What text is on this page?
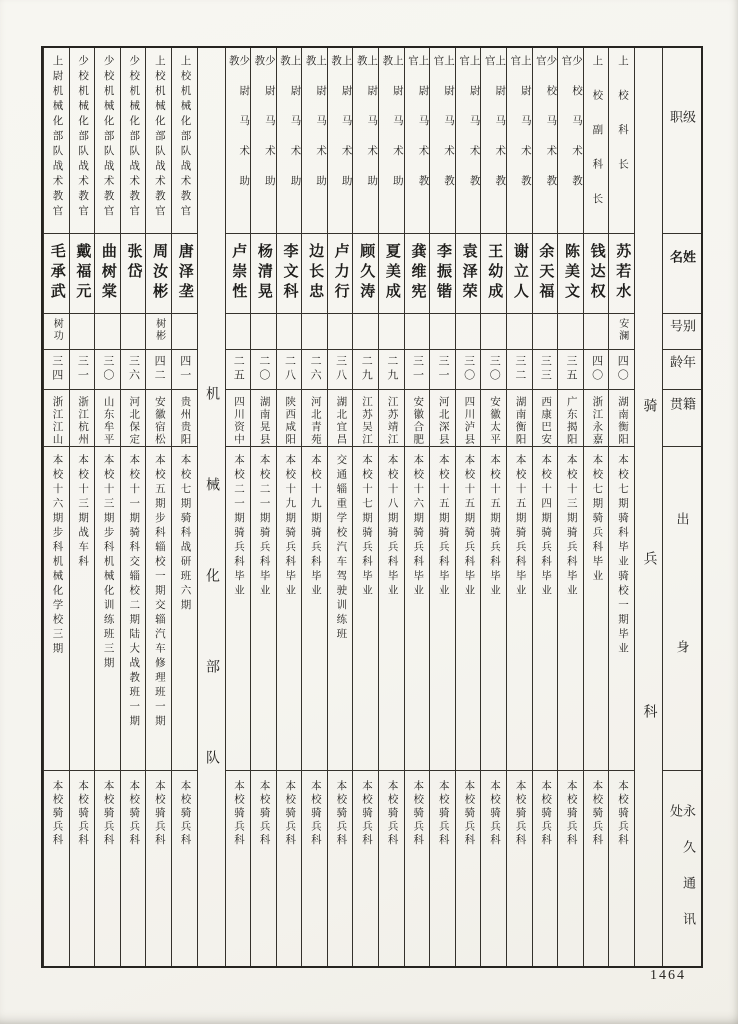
级职
姓名
别号
年龄
籍贯
出身
永久通讯处
骑兵科
上校科长
苏若水
安澜
四〇
湖南衡阳
本校七期骑科毕业骑校一期毕业
本校骑兵科
上校副科长
钱达权
四〇
浙江永嘉
本校七期骑兵科毕业
本校骑兵科
少校马术教官
陈美文
三五
广东揭阳
本校十三期骑兵科毕业
本校骑兵科
少校马术教官
余天福
三三
西康巴安
本校十四期骑兵科毕业
本校骑兵科
上尉马术教官
谢立人
三二
湖南衡阳
本校十五期骑兵科毕业
本校骑兵科
上尉马术教官
王幼成
三〇
安徽太平
本校十五期骑兵科毕业
本校骑兵科
上尉马术教官
袁泽荣
三〇
四川泸县
本校十五期骑兵科毕业
本校骑兵科
上尉马术教官
李振锴
三一
河北深县
本校十五期骑兵科毕业
本校骑兵科
上尉马术教官
龚维宪
三一
安徽合肥
本校十六期骑兵科毕业
本校骑兵科
上尉马术助教
夏美成
二九
江苏靖江
本校十八期骑兵科毕业
本校骑兵科
上尉马术助教
顾久涛
二九
江苏吴江
本校十七期骑兵科毕业
本校骑兵科
上尉马术助教
卢力行
三八
湖北宜昌
交通辎重学校汽车驾驶训练班
本校骑兵科
上尉马术助教
边长忠
二六
河北青苑
本校十九期骑兵科毕业
本校骑兵科
上尉马术助教
李文科
二八
陕西咸阳
本校十九期骑兵科毕业
本校骑兵科
少尉马术助教
杨清晃
二〇
湖南晃县
本校二一期骑兵科毕业
本校骑兵科
少尉马术助教
卢崇性
二五
四川资中
本校二一期骑兵科毕业
本校骑兵科
机械化部队
上校机械化部队战术教官
唐泽垄
四一
贵州贵阳
本校七期骑科战研班六期
本校骑兵科
上校机械化部队战术教官
周汝彬
树彬
四二
安徽宿松
本校五期步科辎校一期交辎汽车修理班一期
本校骑兵科
少校机械化部队战术教官
张岱
三六
河北保定
本校十一期骑科交辎校二期陆大战教班一期
本校骑兵科
少校机械化部队战术教官
曲树棠
三〇
山东牟平
本校十三期步科机械化训练班三期
本校骑兵科
少校机械化部队战术教官
戴福元
三一
浙江杭州
本校十三期战车科
本校骑兵科
上尉机械化部队战术教官
毛承武
树功
三四
浙江江山
本校十六期步科机械化学校三期
本校骑兵科
1464
